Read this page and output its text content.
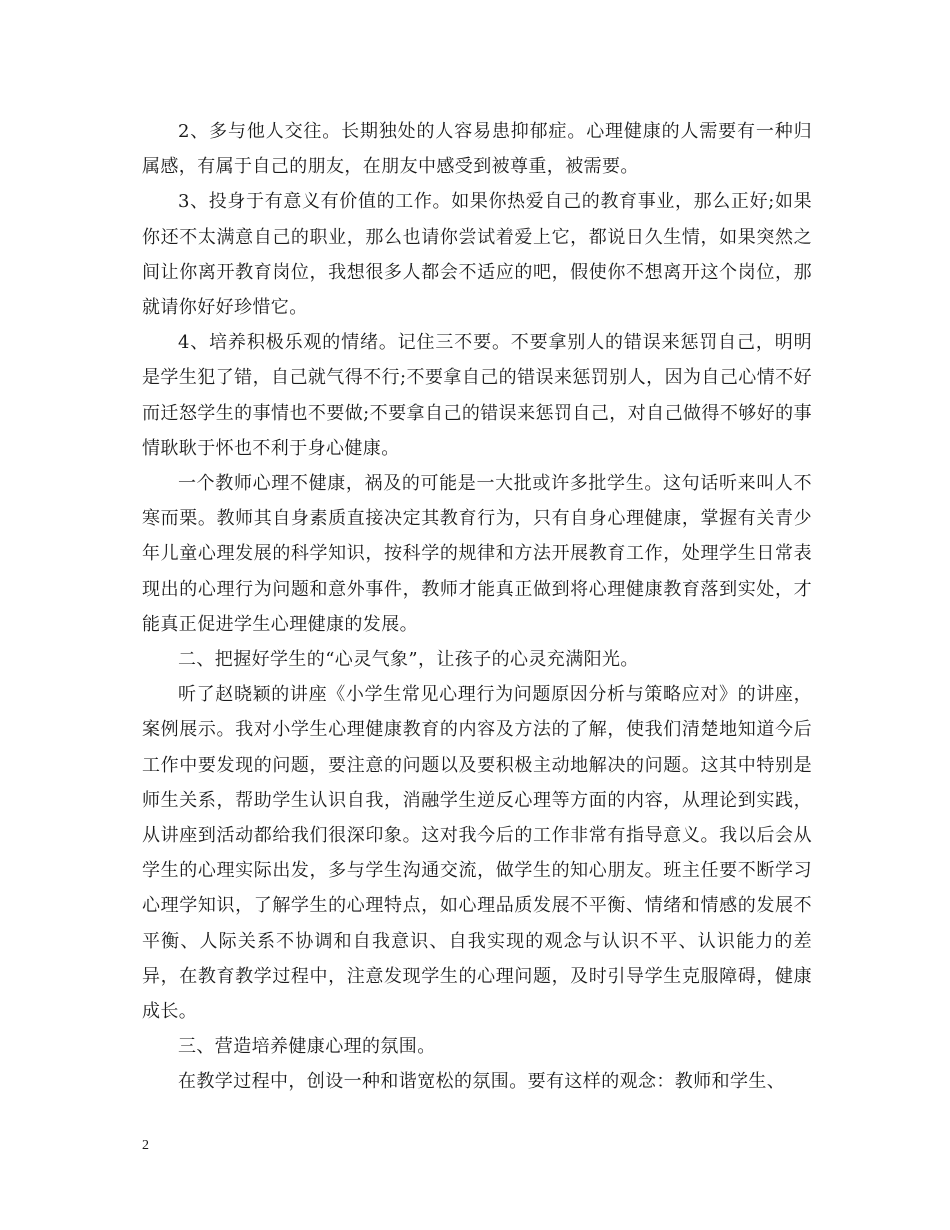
2、多与他人交往。长期独处的人容易患抑郁症。心理健康的人需要有一种归属感，有属于自己的朋友，在朋友中感受到被尊重，被需要。

3、投身于有意义有价值的工作。如果你热爱自己的教育事业，那么正好;如果你还不太满意自己的职业，那么也请你尝试着爱上它，都说日久生情，如果突然之间让你离开教育岗位，我想很多人都会不适应的吧，假使你不想离开这个岗位，那就请你好好珍惜它。

4、培养积极乐观的情绪。记住三不要。不要拿别人的错误来惩罚自己，明明是学生犯了错，自己就气得不行;不要拿自己的错误来惩罚别人，因为自己心情不好而迁怒学生的事情也不要做;不要拿自己的错误来惩罚自己，对自己做得不够好的事情耿耿于怀也不利于身心健康。

一个教师心理不健康，祸及的可能是一大批或许多批学生。这句话听来叫人不寒而栗。教师其自身素质直接决定其教育行为，只有自身心理健康，掌握有关青少年儿童心理发展的科学知识，按科学的规律和方法开展教育工作，处理学生日常表现出的心理行为问题和意外事件，教师才能真正做到将心理健康教育落到实处，才能真正促进学生心理健康的发展。

二、把握好学生的“心灵气象”，让孩子的心灵充满阳光。

听了赵晓颖的讲座《小学生常见心理行为问题原因分析与策略应对》的讲座，案例展示。我对小学生心理健康教育的内容及方法的了解，使我们清楚地知道今后工作中要发现的问题，要注意的问题以及要积极主动地解决的问题。这其中特别是师生关系，帮助学生认识自我，消融学生逆反心理等方面的内容，从理论到实践，从讲座到活动都给我们很深印象。这对我今后的工作非常有指导意义。我以后会从学生的心理实际出发，多与学生沟通交流，做学生的知心朋友。班主任要不断学习心理学知识，了解学生的心理特点，如心理品质发展不平衡、情绪和情感的发展不平衡、人际关系不协调和自我意识、自我实现的观念与认识不平、认识能力的差异，在教育教学过程中，注意发现学生的心理问题，及时引导学生克服障碍，健康成长。

三、营造培养健康心理的氛围。

在教学过程中，创设一种和谐宽松的氛围。要有这样的观念：教师和学生、

2
